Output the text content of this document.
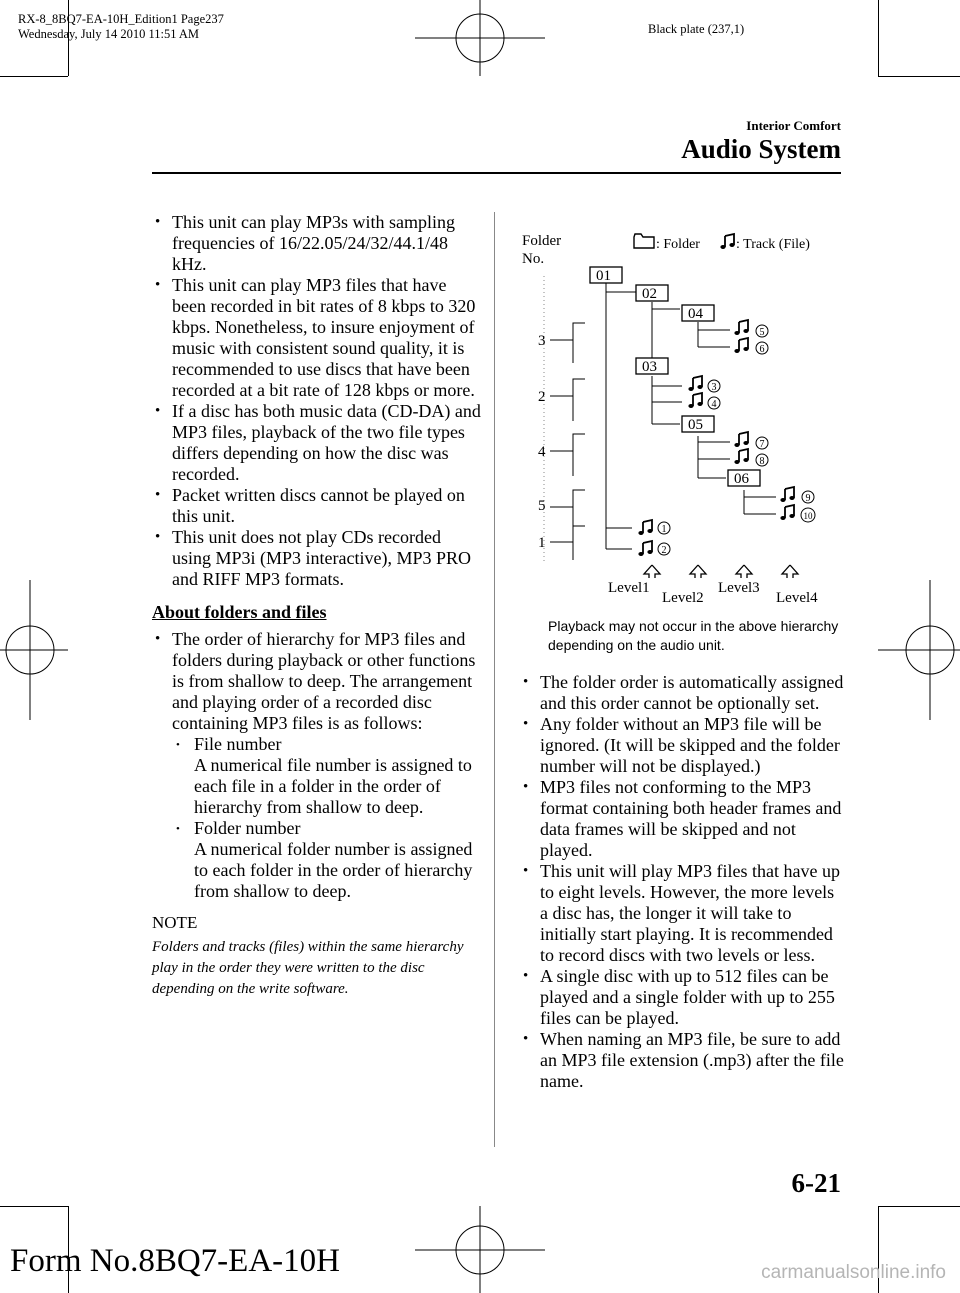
RX-8_8BQ7-EA-10H_Edition1 Page237
Wednesday, July 14 2010 11:51 AM	Black plate (237,1)
Interior Comfort
Audio System
• This unit can play MP3s with sampling frequencies of 16/22.05/24/32/44.1/48 kHz.
• This unit can play MP3 files that have been recorded in bit rates of 8 kbps to 320 kbps. Nonetheless, to insure enjoyment of music with consistent sound quality, it is recommended to use discs that have been recorded at a bit rate of 128 kbps or more.
• If a disc has both music data (CD-DA) and MP3 files, playback of the two file types differs depending on how the disc was recorded.
• Packet written discs cannot be played on this unit.
• This unit does not play CDs recorded using MP3i (MP3 interactive), MP3 PRO and RIFF MP3 formats.
About folders and files
• The order of hierarchy for MP3 files and folders during playback or other functions is from shallow to deep. The arrangement and playing order of a recorded disc containing MP3 files is as follows:
• File number
A numerical file number is assigned to each file in a folder in the order of hierarchy from shallow to deep.
• Folder number
A numerical folder number is assigned to each folder in the order of hierarchy from shallow to deep.
NOTE
Folders and tracks (files) within the same hierarchy play in the order they were written to the disc depending on the write software.
Folder
No.
: Folder	: Track (File)
3
2
4
5
1
01
02
04
03
05
06
1
2
3
4
5
6
7
8
9
10
Level1
Level2
Level3
Level4
Playback may not occur in the above hierarchy depending on the audio unit.
• The folder order is automatically assigned and this order cannot be optionally set.
• Any folder without an MP3 file will be ignored. (It will be skipped and the folder number will not be displayed.)
• MP3 files not conforming to the MP3 format containing both header frames and data frames will be skipped and not played.
• This unit will play MP3 files that have up to eight levels. However, the more levels a disc has, the longer it will take to initially start playing. It is recommended to record discs with two levels or less.
• A single disc with up to 512 files can be played and a single folder with up to 255 files can be played.
• When naming an MP3 file, be sure to add an MP3 file extension (.mp3) after the file name.
6-21
Form No.8BQ7-EA-10H	carmanualsonline.info
